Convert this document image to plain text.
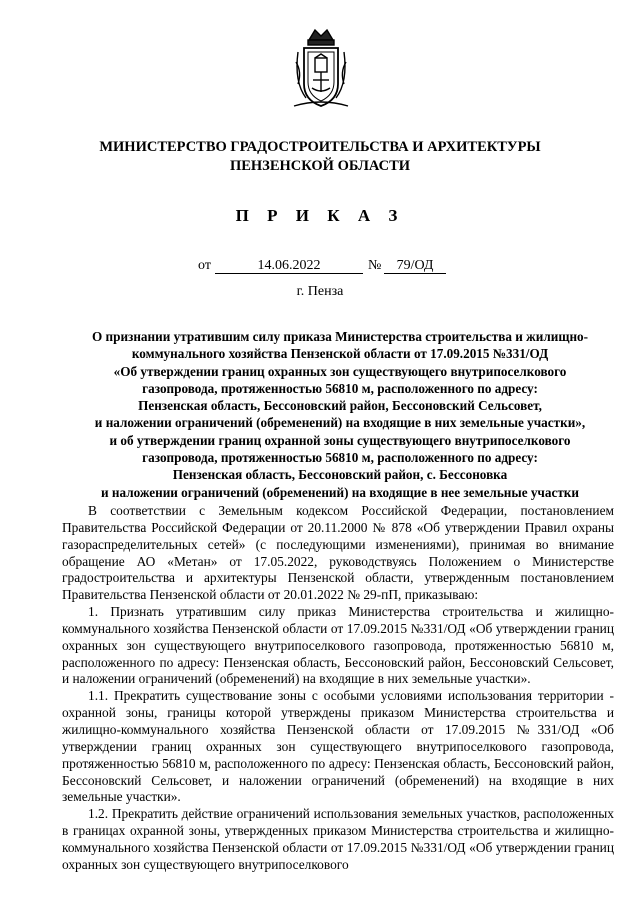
МИНИСТЕРСТВО ГРАДОСТРОИТЕЛЬСТВА И АРХИТЕКТУРЫ
ПЕНЗЕНСКОЙ ОБЛАСТИ
П Р И К А З
от	14.06.2022	№	79/ОД
г. Пенза
О признании утратившим силу приказа Министерства строительства и жилищно-
коммунального хозяйства Пензенской области от 17.09.2015 №331/ОД
«Об утверждении границ охранных зон существующего внутрипоселкового
газопровода, протяженностью 56810 м, расположенного по адресу:
Пензенская область, Бессоновский район, Бессоновский Сельсовет,
и наложении ограничений (обременений) на входящие в них земельные участки»,
и об утверждении границ охранной зоны существующего внутрипоселкового
газопровода, протяженностью 56810 м, расположенного по адресу:
Пензенская область, Бессоновский район, с. Бессоновка
и наложении ограничений (обременений) на входящие в нее земельные участки

В соответствии с Земельным кодексом Российской Федерации, постановлением Правительства Российской Федерации от 20.11.2000 № 878 «Об утверждении Правил охраны газораспределительных сетей» (с последующими изменениями), принимая во внимание обращение АО «Метан» от 17.05.2022, руководствуясь Положением о Министерстве градостроительства и архитектуры Пензенской области, утвержденным постановлением Правительства Пензенской области от 20.01.2022 № 29-пП, приказываю:

1. Признать утратившим силу приказ Министерства строительства и жилищно-коммунального хозяйства Пензенской области от 17.09.2015 №331/ОД «Об утверждении границ охранных зон существующего внутрипоселкового газопровода, протяженностью 56810 м, расположенного по адресу: Пензенская область, Бессоновский район, Бессоновский Сельсовет, и наложении ограничений (обременений) на входящие в них земельные участки».

1.1. Прекратить существование зоны с особыми условиями использования территории - охранной зоны, границы которой утверждены приказом Министерства строительства и жилищно-коммунального хозяйства Пензенской области от 17.09.2015 №331/ОД «Об утверждении границ охранных зон существующего внутрипоселкового газопровода, протяженностью 56810 м, расположенного по адресу: Пензенская область, Бессоновский район, Бессоновский Сельсовет, и наложении ограничений (обременений) на входящие в них земельные участки».

1.2. Прекратить действие ограничений использования земельных участков, расположенных в границах охранной зоны, утвержденных приказом Министерства строительства и жилищно-коммунального хозяйства Пензенской области от 17.09.2015 №331/ОД «Об утверждении границ охранных зон существующего внутрипоселкового
